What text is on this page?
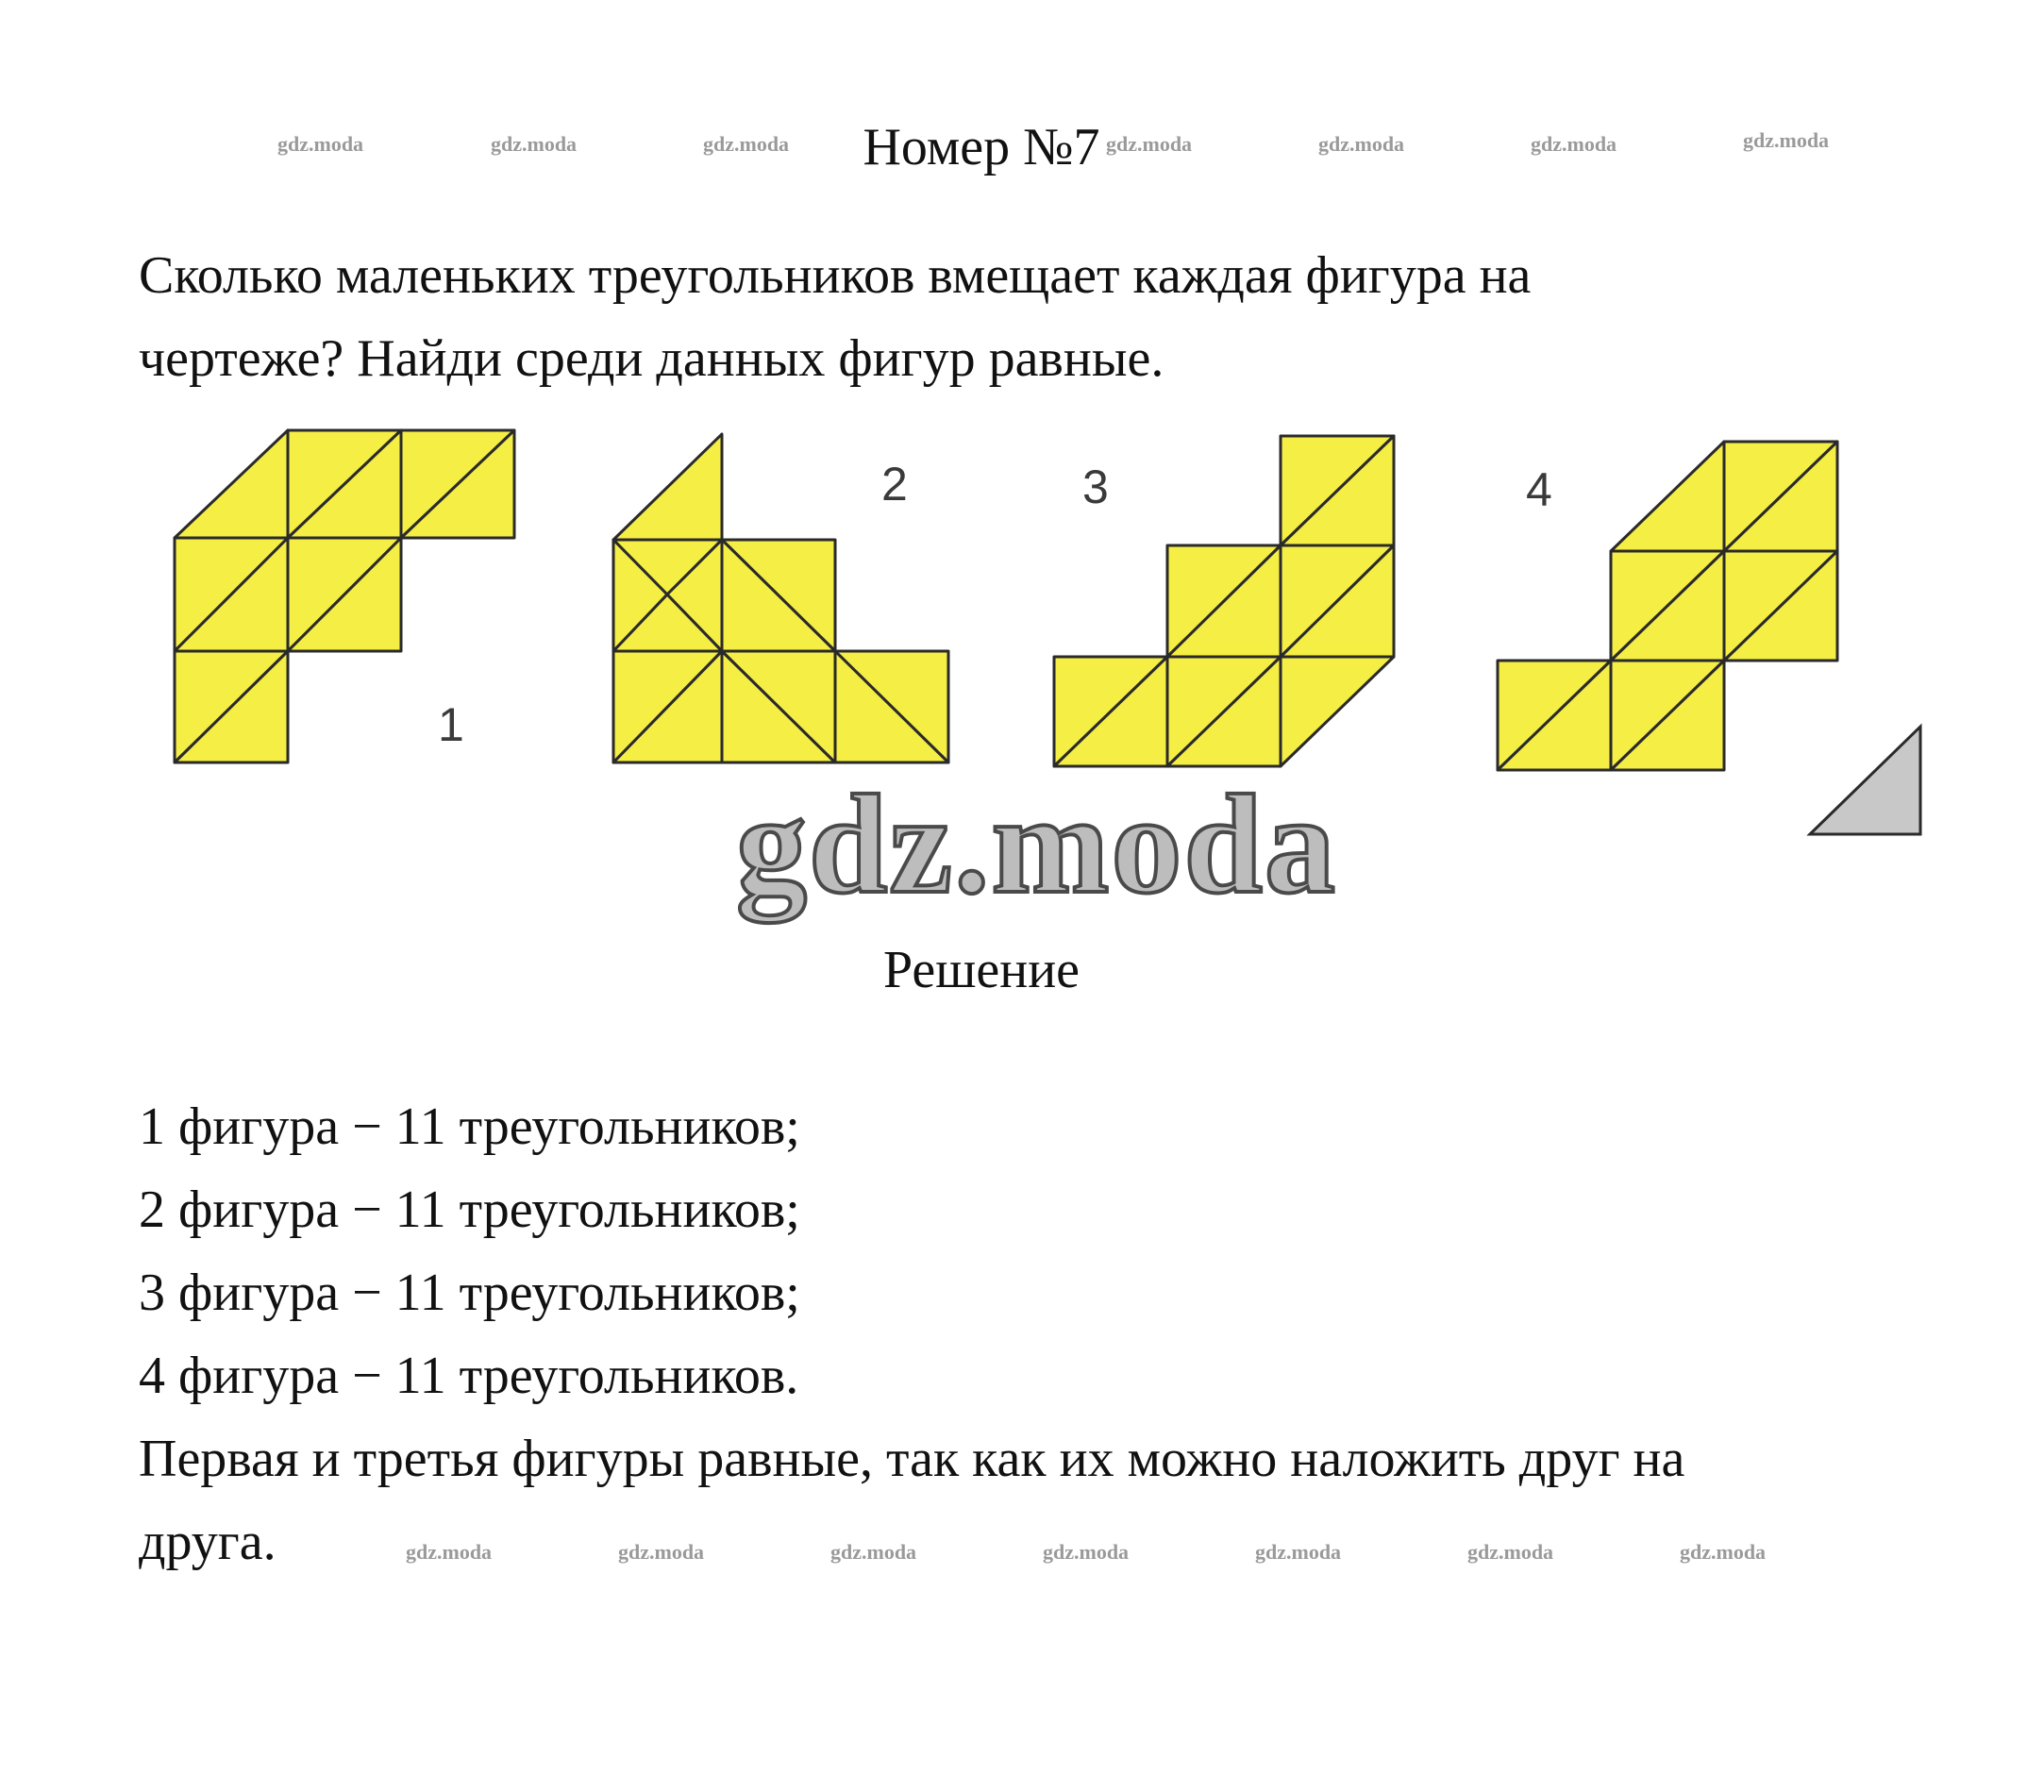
gdz.moda	gdz.moda	gdz.moda	gdz.moda	gdz.moda	gdz.moda	gdz.moda
Номер №7
Сколько маленьких треугольников вмещает каждая фигура на
чертеже? Найди среди данных фигур равные.
1
2	3	4
gdz.moda
Решение
1 фигура − 11 треугольников;
2 фигура − 11 треугольников;
3 фигура − 11 треугольников;
4 фигура − 11 треугольников.
Первая и третья фигуры равные, так как их можно наложить друг на
друга.	gdz.moda	gdz.moda	gdz.moda	gdz.moda	gdz.moda	gdz.moda	gdz.moda
